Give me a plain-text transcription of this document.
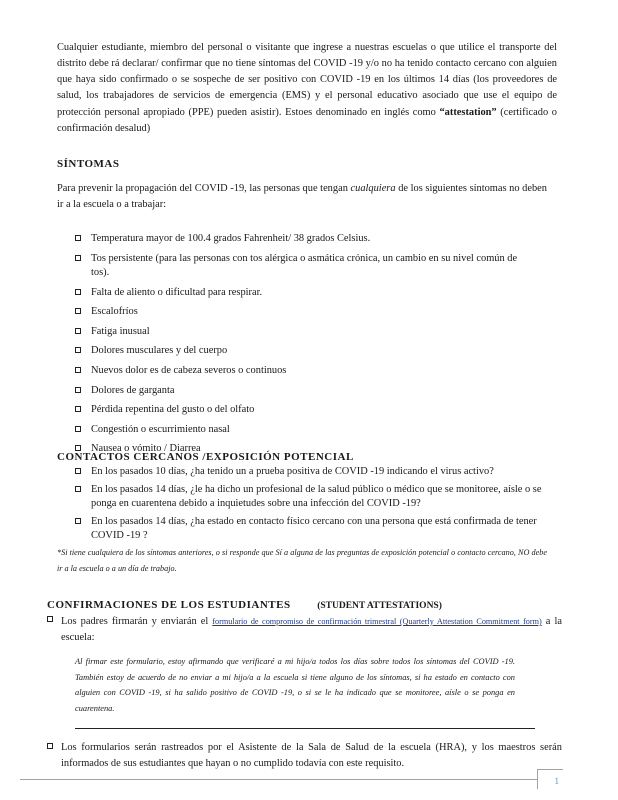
Cualquier estudiante, miembro del personal o visitante que ingrese a nuestras escuelas o que utilice el transporte del distrito debe rá declarar/ confirmar que no tiene síntomas del COVID -19 y/o no ha tenido contacto cercano con alguien que haya sido confirmado o se sospeche de ser positivo con COVID -19 en los últimos 14 días (los proveedores de salud, los trabajadores de servicios de emergencia (EMS) y el personal educativo asociado que use el equipo de protección personal apropiado (PPE) pueden asistir). Estoes denominado en inglés como “attestation” (certificado o confirmación desalud)
SÍNTOMAS
Para prevenir la propagación del COVID -19, las personas que tengan cualquiera de los siguientes síntomas no deben ir a la escuela o a trabajar:
Temperatura mayor de 100.4 grados Fahrenheit/ 38 grados Celsius.
Tos persistente (para las personas con tos alérgica o asmática crónica, un cambio en su nivel común de tos).
Falta de aliento o dificultad para respirar.
Escalofríos
Fatiga inusual
Dolores musculares y del cuerpo
Nuevos dolor es de cabeza severos o continuos
Dolores de garganta
Pérdida repentina del gusto o del olfato
Congestión o escurrimiento nasal
Nausea o vómito / Diarrea
CONTACTOS CERCANOS /EXPOSICIÓN POTENCIAL
En los pasados 10 días, ¿ha tenido un a prueba positiva de COVID -19 indicando el virus activo?
En los pasados 14 días, ¿le ha dicho un profesional de la salud público o médico que se monitoree, aísle o se ponga en cuarentena debido a inquietudes sobre una infección del COVID -19?
En los pasados 14 días, ¿ha estado en contacto físico cercano con una persona que está confirmada de tener COVID -19 ?

*Si tiene cualquiera de los síntomas anteriores, o si responde que Sí a alguna de las preguntas de exposición potencial o contacto cercano, NO debe ir a la escuela o a un día de trabajo.

CONFIRMACIONES DE LOS ESTUDIANTES	(STUDENT ATTESTATIONS)
Los padres firmarán y enviarán el formulario de compromiso de confirmación trimestral (Quarterly Attestation Commitment form) a la escuela:

Al firmar este formulario, estoy afirmando que verificaré a mi hijo/a todos los días sobre todos los síntomas del COVID -19. También estoy de acuerdo de no enviar a mi hijo/a a la escuela si tiene alguno de los síntomas, si ha estado en contacto con alguien con COVID -19, si ha salido positivo de COVID -19, o si se le ha indicado que se monitoree, aísle o se ponga en cuarentena.

Los formularios serán rastreados por el Asistente de la Sala de Salud de la escuela (HRA), y los maestros serán informados de sus estudiantes que hayan o no cumplido todavía con este requisito.

1
